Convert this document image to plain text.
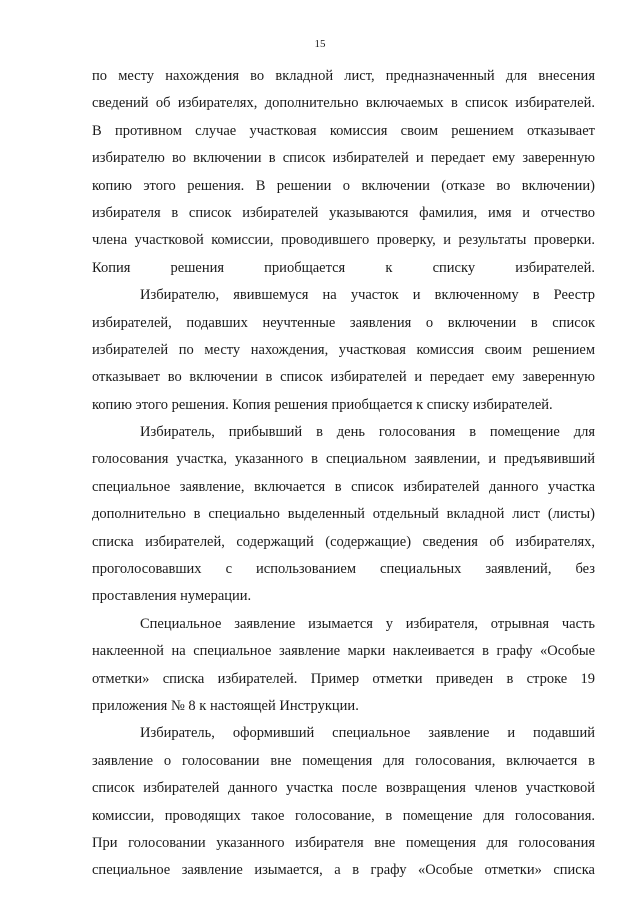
15
по месту нахождения во вкладной лист, предназначенный для внесения
сведений об избирателях, дополнительно включаемых в список избирателей.
В противном случае участковая комиссия своим решением отказывает
избирателю во включении в список избирателей и передает ему заверенную
копию этого решения. В решении о включении (отказе во включении)
избирателя в список избирателей указываются фамилия, имя и отчество
члена участковой комиссии, проводившего проверку, и результаты проверки.
Копия решения приобщается к списку избирателей.
Избирателю, явившемуся на участок и включенному в Реестр
избирателей, подавших неучтенные заявления о включении в список
избирателей по месту нахождения, участковая комиссия своим решением
отказывает во включении в список избирателей и передает ему заверенную
копию этого решения. Копия решения приобщается к списку избирателей.
Избиратель, прибывший в день голосования в помещение для
голосования участка, указанного в специальном заявлении, и предъявивший
специальное заявление, включается в список избирателей данного участка
дополнительно в специально выделенный отдельный вкладной лист (листы)
списка избирателей, содержащий (содержащие) сведения об избирателях,
проголосовавших с использованием специальных заявлений, без
проставления нумерации.
Специальное заявление изымается у избирателя, отрывная часть
наклеенной на специальное заявление марки наклеивается в графу «Особые
отметки» списка избирателей. Пример отметки приведен в строке 19
приложения № 8 к настоящей Инструкции.
Избиратель, оформивший специальное заявление и подавший
заявление о голосовании вне помещения для голосования, включается в
список избирателей данного участка после возвращения членов участковой
комиссии, проводящих такое голосование, в помещение для голосования.
При голосовании указанного избирателя вне помещения для голосования
специальное заявление изымается, а в графу «Особые отметки» списка
